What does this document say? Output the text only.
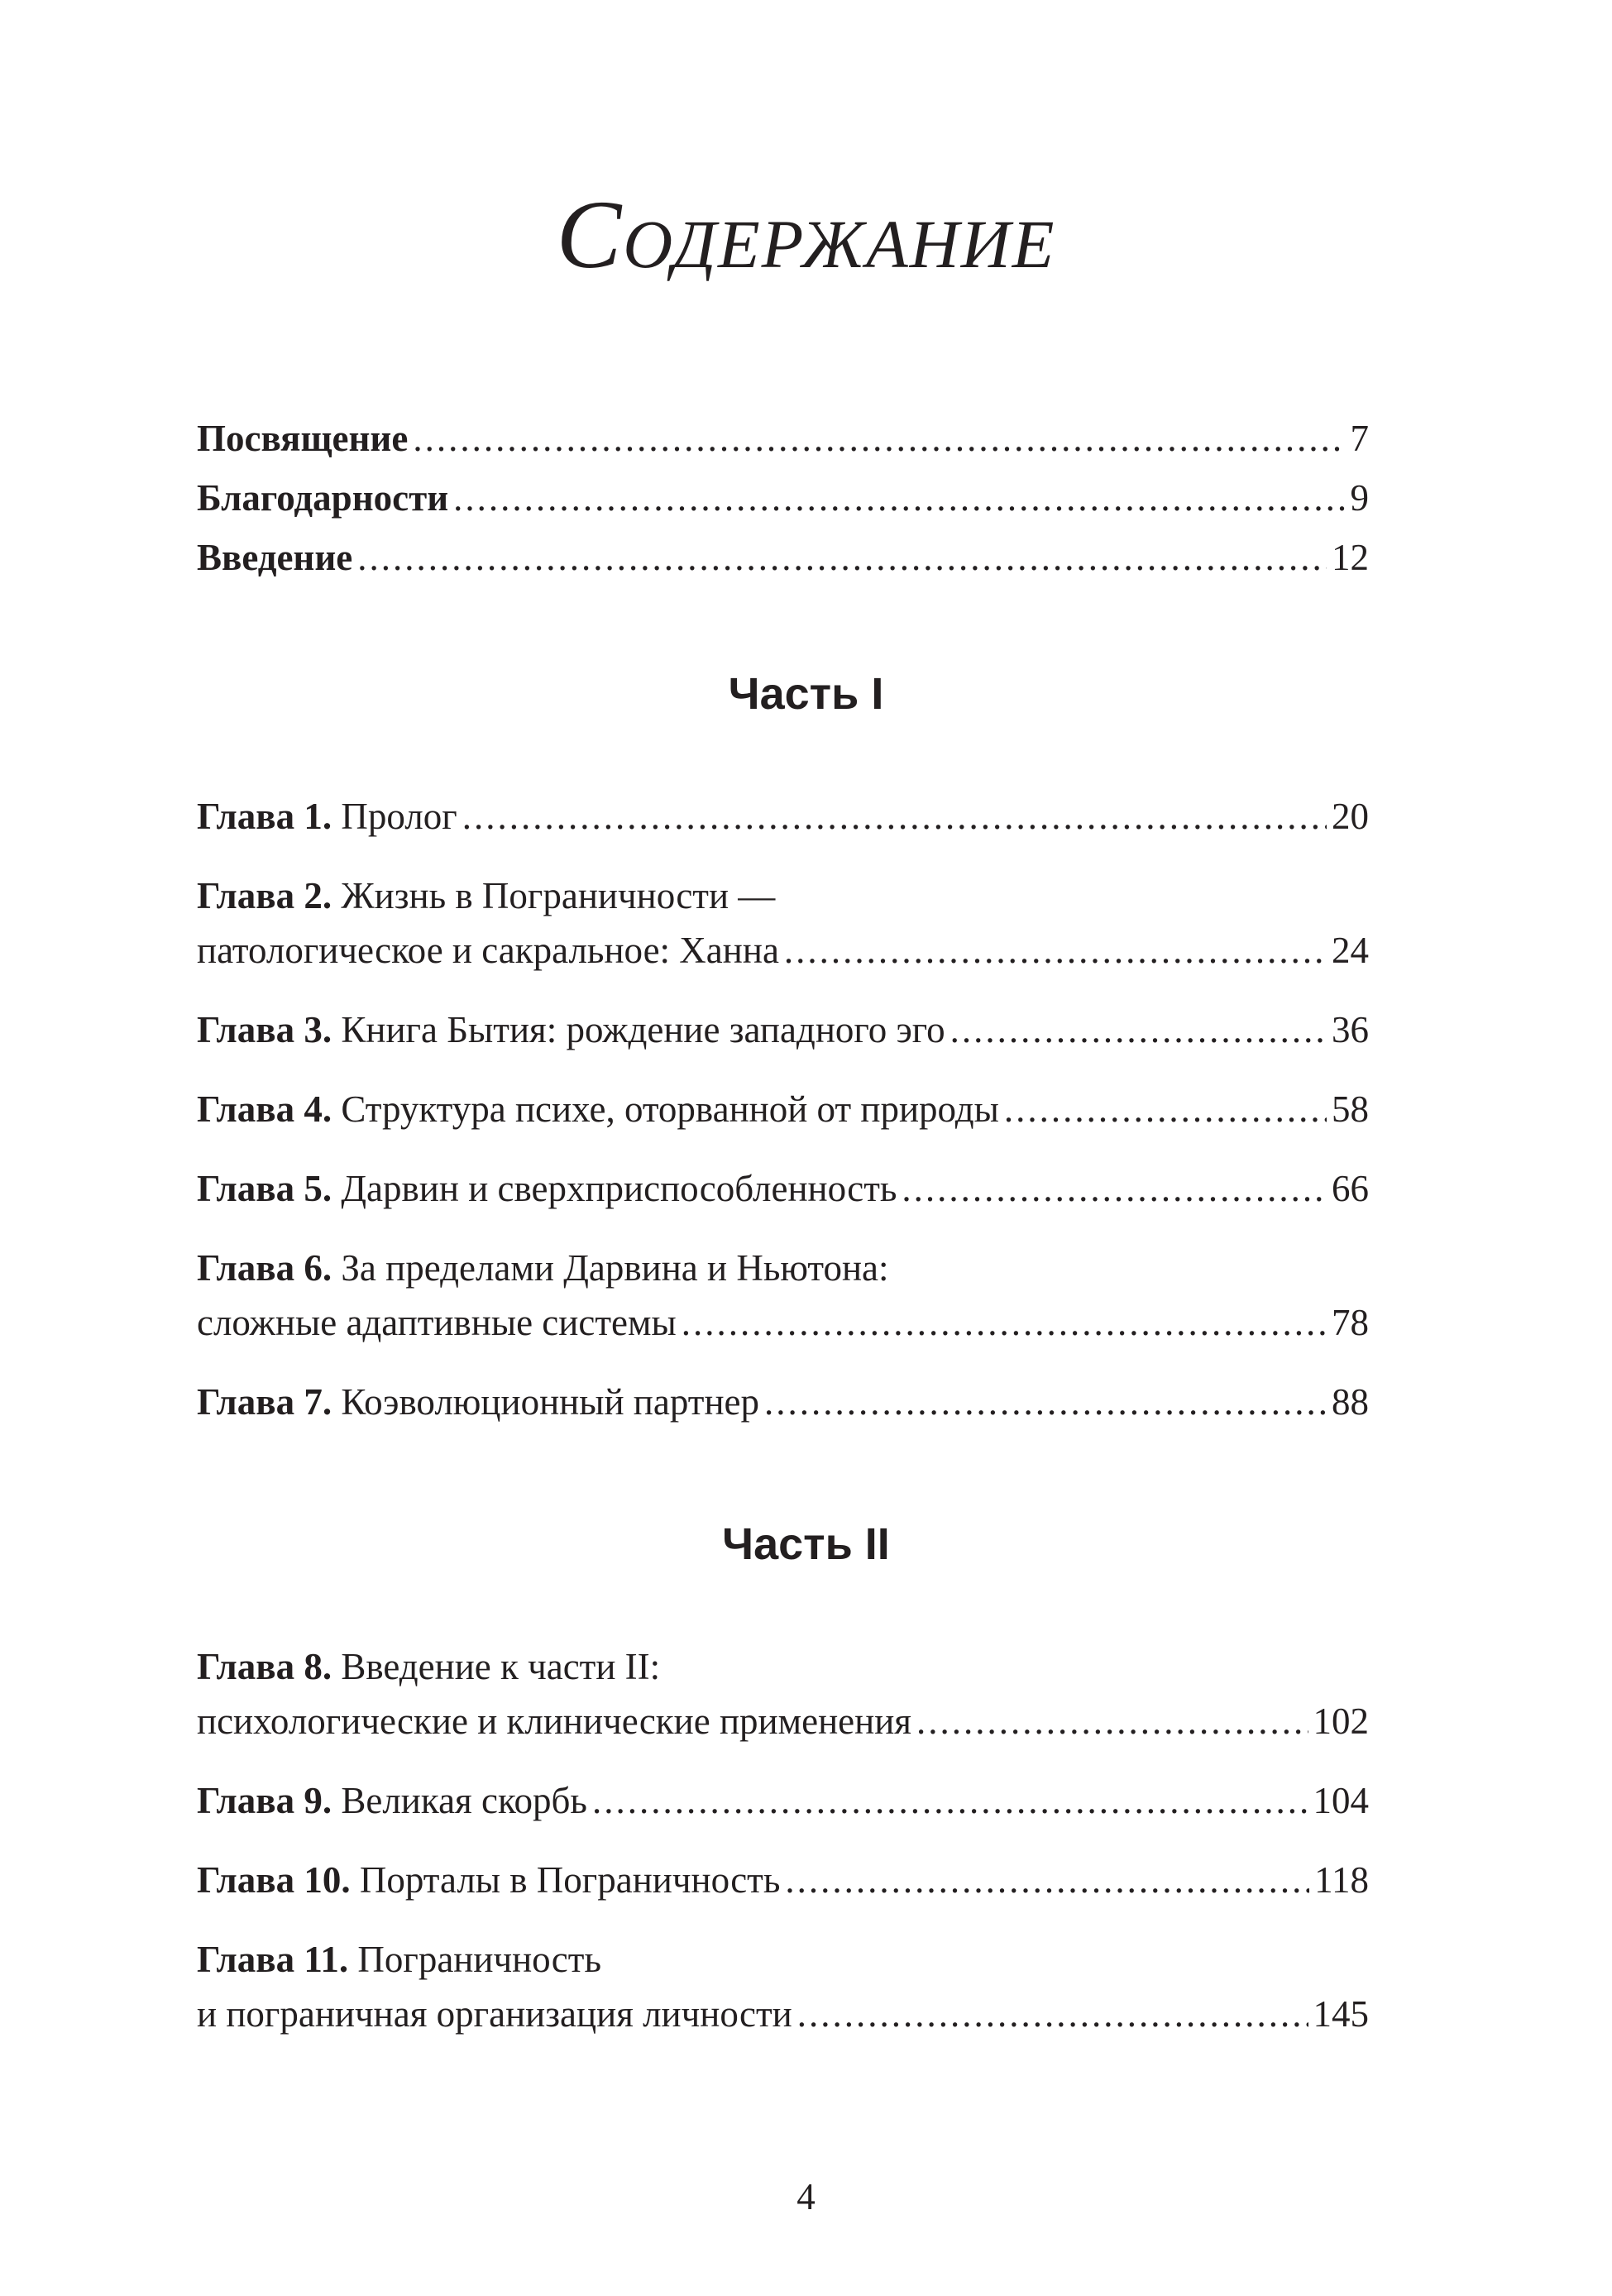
Содержание
Посвящение .....	7
Благодарности .....	9
Введение .....	12
Часть I
Глава 1. Пролог .....	20
Глава 2. Жизнь в Пограничности —
патологическое и сакральное: Ханна .....	24
Глава 3. Книга Бытия: рождение западного эго .....	36
Глава 4. Структура психе, оторванной от природы .....	58
Глава 5. Дарвин и сверхприспособленность .....	66
Глава 6. За пределами Дарвина и Ньютона:
сложные адаптивные системы .....	78
Глава 7. Коэволюционный партнер .....	88
Часть II
Глава 8. Введение к части II:
психологические и клинические применения .....	102
Глава 9. Великая скорбь .....	104
Глава 10. Порталы в Пограничность .....	118
Глава 11. Пограничность
и пограничная организация личности .....	145
4
